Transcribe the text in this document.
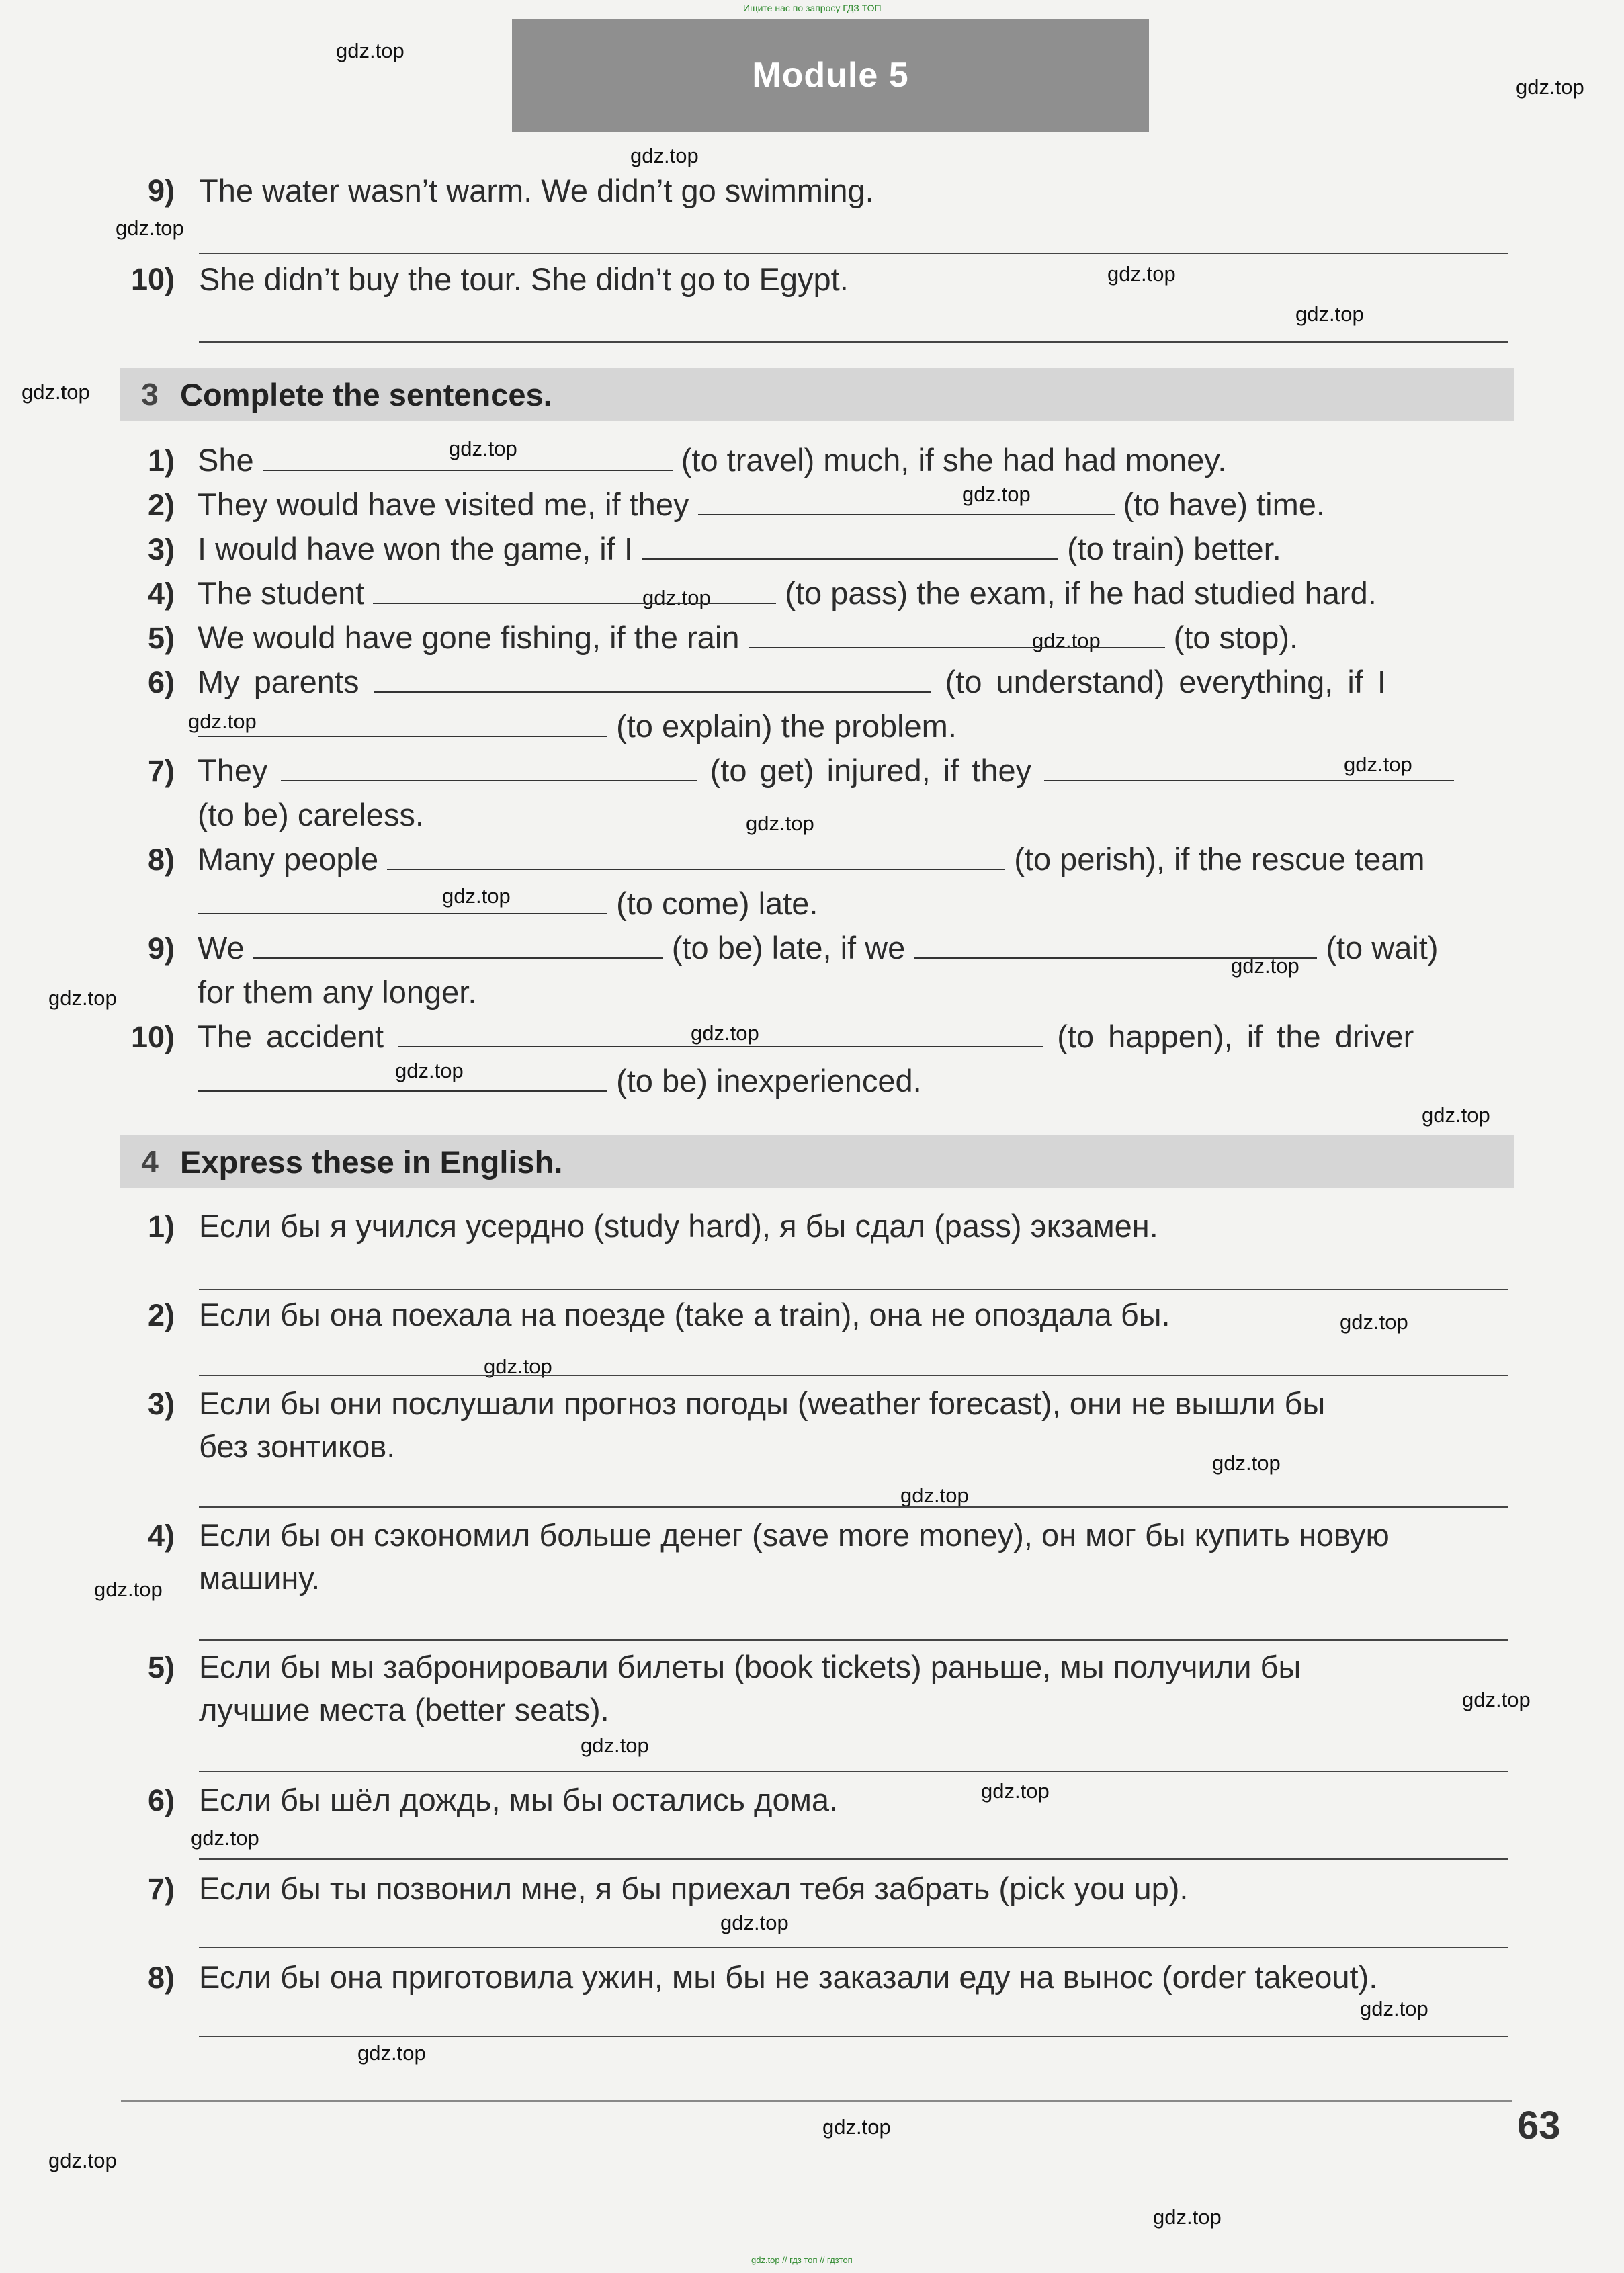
Ищите нас по запросу ГДЗ ТОП
Module 5
gdz.top
gdz.top
gdz.top
gdz.top
gdz.top
gdz.top
gdz.top
gdz.top
gdz.top
gdz.top
gdz.top
gdz.top
gdz.top
gdz.top
gdz.top
gdz.top
gdz.top
gdz.top
gdz.top
gdz.top
gdz.top
gdz.top
gdz.top
gdz.top
gdz.top
gdz.top
gdz.top
gdz.top
gdz.top
gdz.top
gdz.top
gdz.top
gdz.top
gdz.top
gdz.top
9) The water wasn’t warm. We didn’t go swimming.
10) She didn’t buy the tour. She didn’t go to Egypt.
3 Complete the sentences.
1) She	(to travel) much, if she had had money.
2) They would have visited me, if they	(to have) time.
3) I would have won the game, if I	(to train) better.
4) The student	(to pass) the exam, if he had studied hard.
5) We would have gone fishing, if the rain	(to stop).
6) My parents	(to understand) everything, if I
(to explain) the problem.
7) They	(to get) injured, if they
(to be) careless.
8) Many people	(to perish), if the rescue team
(to come) late.
9) We	(to be) late, if we	(to wait)
for them any longer.
10) The accident	(to happen), if the driver
(to be) inexperienced.
4 Express these in English.
1) Если бы я учился усердно (study hard), я бы сдал (pass) экзамен.
2) Если бы она поехала на поезде (take a train), она не опоздала бы.
3) Если бы они послушали прогноз погоды (weather forecast), они не вышли бы
без зонтиков.
4) Если бы он сэкономил больше денег (save more money), он мог бы купить новую
машину.
5) Если бы мы забронировали билеты (book tickets) раньше, мы получили бы
лучшие места (better seats).
6) Если бы шёл дождь, мы бы остались дома.
7) Если бы ты позвонил мне, я бы приехал тебя забрать (pick you up).
8) Если бы она приготовила ужин, мы бы не заказали еду на вынос (order takeout).
63
gdz.top // гдз топ // гдзтоп
